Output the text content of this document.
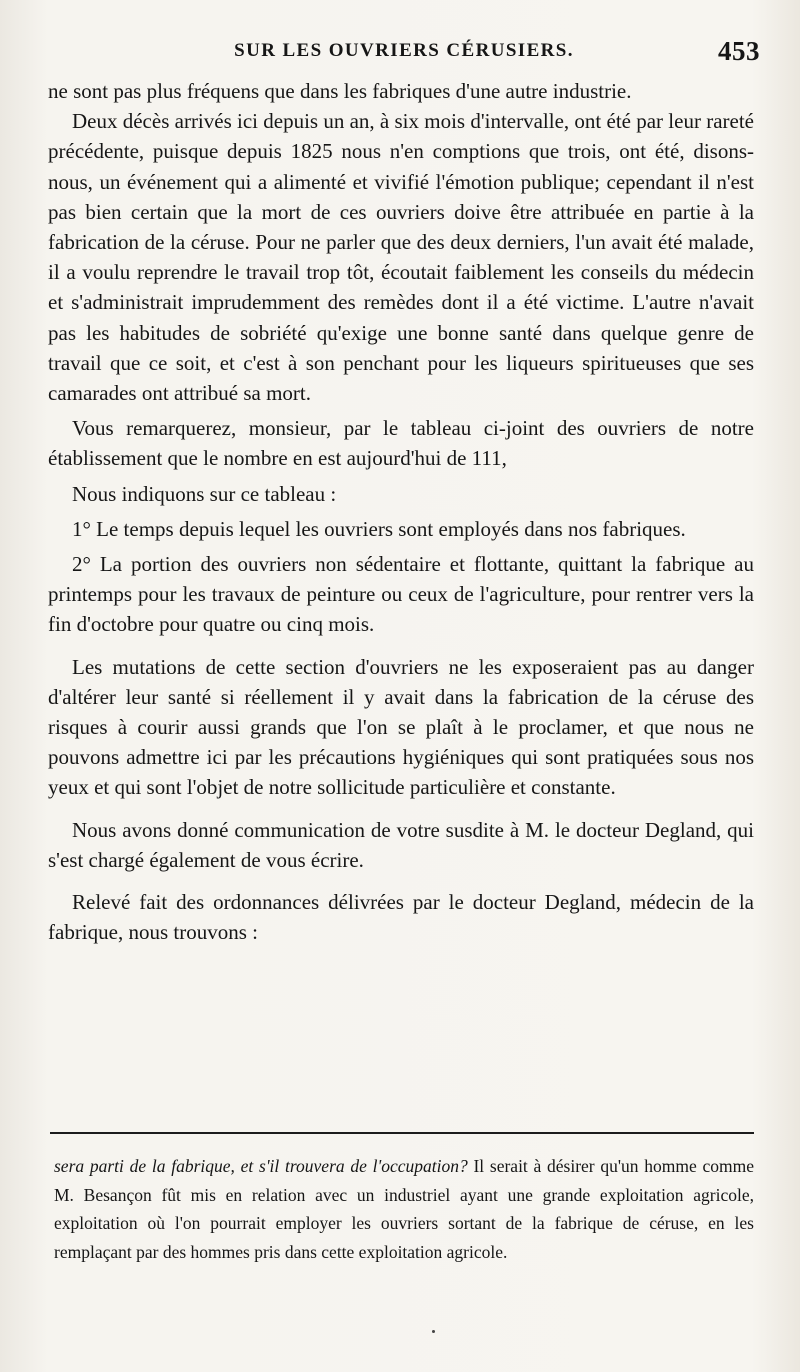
SUR LES OUVRIERS CÉRUSIERS.	453

ne sont pas plus fréquens que dans les fabriques d'une autre industrie.

Deux décès arrivés ici depuis un an, à six mois d'intervalle, ont été par leur rareté précédente, puisque depuis 1825 nous n'en comptions que trois, ont été, disons-nous, un événement qui a alimenté et vivifié l'émotion publique; cependant il n'est pas bien certain que la mort de ces ouvriers doive être attribuée en partie à la fabrication de la céruse. Pour ne parler que des deux derniers, l'un avait été malade, il a voulu reprendre le travail trop tôt, écoutait faiblement les conseils du médecin et s'administrait imprudemment des remèdes dont il a été victime. L'autre n'avait pas les habitudes de sobriété qu'exige une bonne santé dans quelque genre de travail que ce soit, et c'est à son penchant pour les liqueurs spiritueuses que ses camarades ont attribué sa mort.

Vous remarquerez, monsieur, par le tableau ci-joint des ouvriers de notre établissement que le nombre en est aujourd'hui de 111,

Nous indiquons sur ce tableau :

1° Le temps depuis lequel les ouvriers sont employés dans nos fabriques.

2° La portion des ouvriers non sédentaire et flottante, quittant la fabrique au printemps pour les travaux de peinture ou ceux de l'agriculture, pour rentrer vers la fin d'octobre pour quatre ou cinq mois.

Les mutations de cette section d'ouvriers ne les exposeraient pas au danger d'altérer leur santé si réellement il y avait dans la fabrication de la céruse des risques à courir aussi grands que l'on se plaît à le proclamer, et que nous ne pouvons admettre ici par les précautions hygiéniques qui sont pratiquées sous nos yeux et qui sont l'objet de notre sollicitude particulière et constante.

Nous avons donné communication de votre susdite à M. le docteur Degland, qui s'est chargé également de vous écrire.

Relevé fait des ordonnances délivrées par le docteur Degland, médecin de la fabrique, nous trouvons :

sera parti de la fabrique, et s'il trouvera de l'occupation? Il serait à désirer qu'un homme comme M. Besançon fût mis en relation avec un industriel ayant une grande exploitation agricole, exploitation où l'on pourrait employer les ouvriers sortant de la fabrique de céruse, en les remplaçant par des hommes pris dans cette exploitation agricole.
